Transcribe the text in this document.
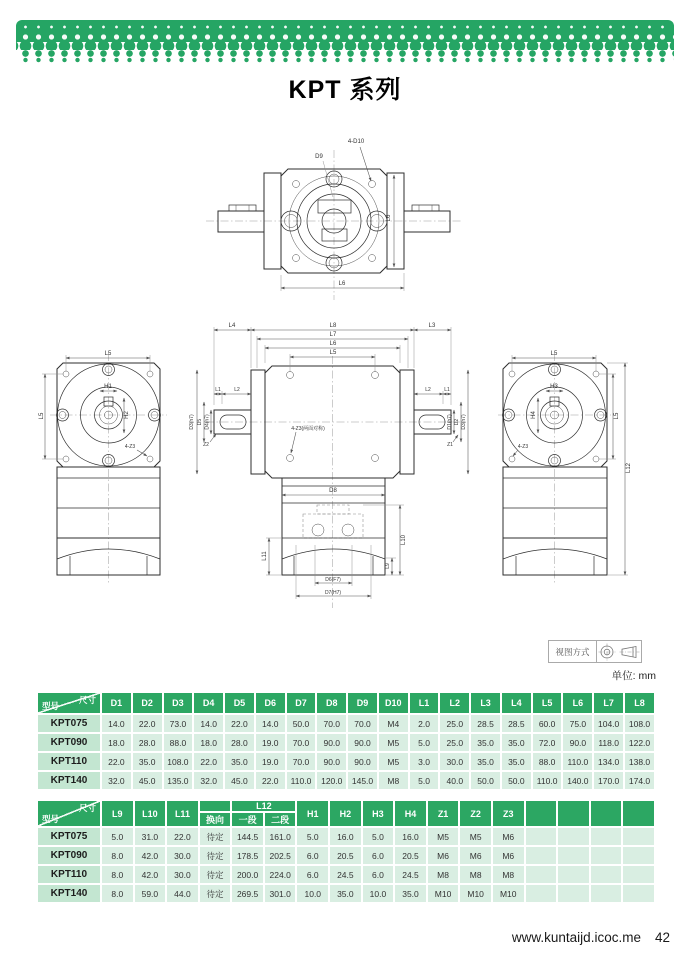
KPT 系列
L6
L6
D9
4-D10
L5
L5
H1
H2
4-Z3
D8
D6(F7)
D7(H7)
L11
L10
L9
L4	L8	L3
L7
L6
L5
L1	L2	L2	L1
D3(h7) D5 D4(h7)
Z2
D1(h7) D2 D3(h7)
Z1
4-Z3(两面对称)
L5
H3
H4
4-Z3
L5
L12
视图方式
单位: mm
尺寸
型号	D1	D2	D3	D4	D5	D6	D7	D8	D9	D10	L1	L2	L3	L4	L5	L6	L7	L8
KPT075	14.0	22.0	73.0	14.0	22.0	14.0	50.0	70.0	70.0	M4	2.0	25.0	28.5	28.5	60.0	75.0	104.0	108.0
KPT090	18.0	28.0	88.0	18.0	28.0	19.0	70.0	90.0	90.0	M5	5.0	25.0	35.0	35.0	72.0	90.0	118.0	122.0
KPT110	22.0	35.0	108.0	22.0	35.0	19.0	70.0	90.0	90.0	M5	3.0	30.0	35.0	35.0	88.0	110.0	134.0	138.0
KPT140	32.0	45.0	135.0	32.0	45.0	22.0	110.0	120.0	145.0	M8	5.0	40.0	50.0	50.0	110.0	140.0	170.0	174.0
尺寸
型号	L9	L10	L11		L12		H1	H2	H3	H4	Z1	Z2	Z3				
				换向	一段	二段											
KPT075	5.0	31.0	22.0	待定	144.5	161.0	5.0	16.0	5.0	16.0	M5	M5	M6				
KPT090	8.0	42.0	30.0	待定	178.5	202.5	6.0	20.5	6.0	20.5	M6	M6	M6				
KPT110	8.0	42.0	30.0	待定	200.0	224.0	6.0	24.5	6.0	24.5	M8	M8	M8				
KPT140	8.0	59.0	44.0	待定	269.5	301.0	10.0	35.0	10.0	35.0	M10	M10	M10				
www.kuntaijd.icoc.me 42
